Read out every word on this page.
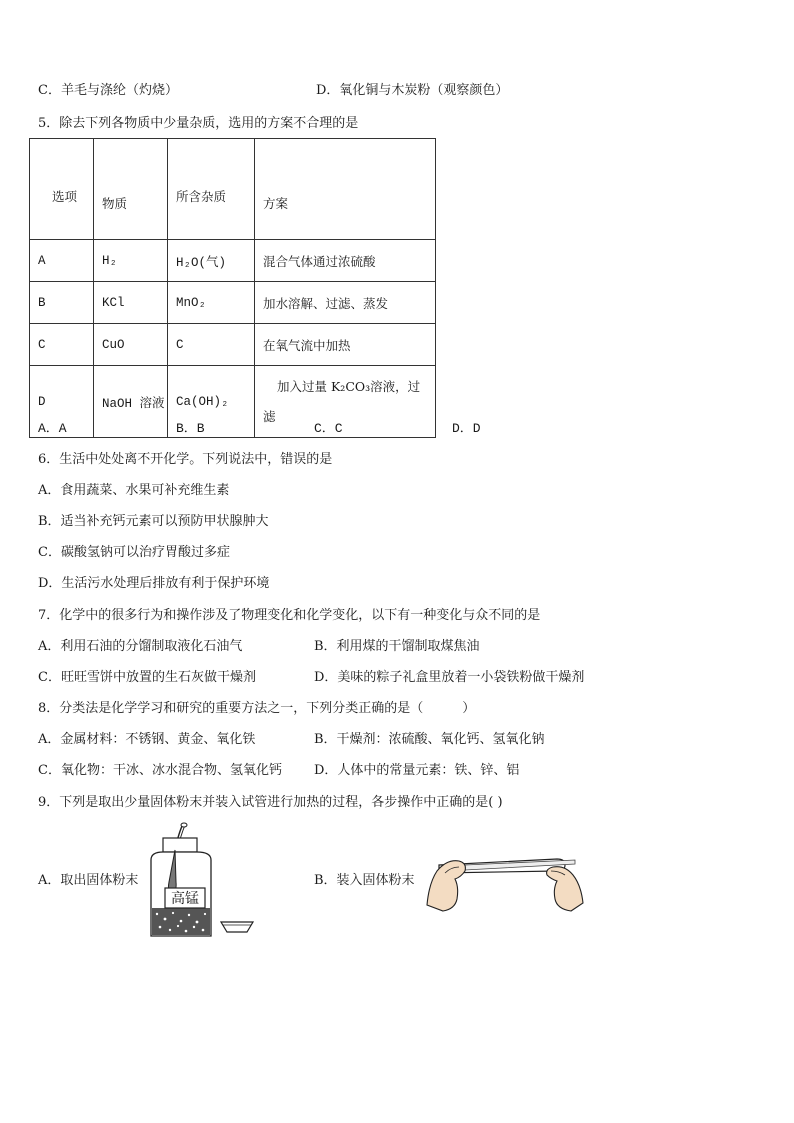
C．羊毛与涤纶（灼烧）	D．氧化铜与木炭粉（观察颜色）
5．除去下列各物质中少量杂质，选用的方案不合理的是
选项	物质	所含杂质	方案
A	H₂	H₂O(气)	混合气体通过浓硫酸
B	KCl	MnO₂	加水溶解、过滤、蒸发
C	CuO	C	在氧气流中加热
D	NaOH 溶液	Ca(OH)₂	加入过量 K₂CO₃溶液，过
滤
A．A	B．B	C．C	D．D
6．生活中处处离不开化学。下列说法中，错误的是
A．食用蔬菜、水果可补充维生素
B．适当补充钙元素可以预防甲状腺肿大
C．碳酸氢钠可以治疗胃酸过多症
D．生活污水处理后排放有利于保护环境
7．化学中的很多行为和操作涉及了物理变化和化学变化，以下有一种变化与众不同的是
A．利用石油的分馏制取液化石油气	B．利用煤的干馏制取煤焦油
C．旺旺雪饼中放置的生石灰做干燥剂	D．美味的粽子礼盒里放着一小袋铁粉做干燥剂
8．分类法是化学学习和研究的重要方法之一，下列分类正确的是（　　　）
A．金属材料：不锈钢、黄金、氧化铁	B．干燥剂：浓硫酸、氧化钙、氢氧化钠
C．氧化物：干冰、冰水混合物、氢氧化钙 D．人体中的常量元素：铁、锌、铝
9．下列是取出少量固体粉末并装入试管进行加热的过程，各步操作中正确的是( )
A．取出固体粉末	B．装入固体粉末
高锰
